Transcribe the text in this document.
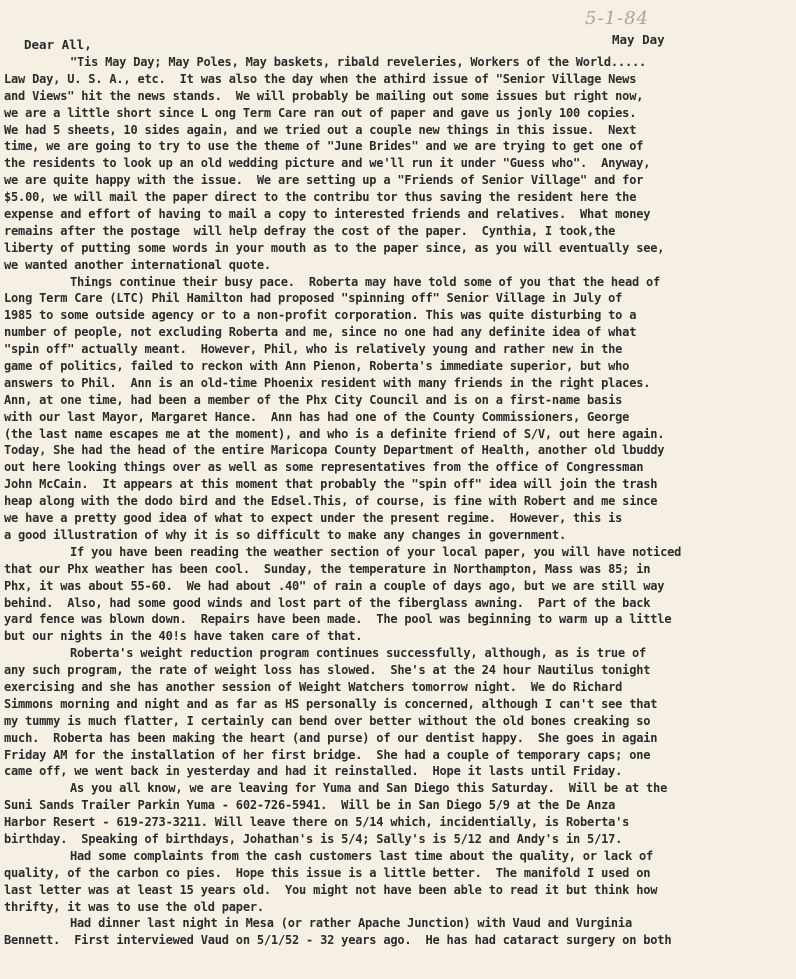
5-1-84
May Day
Dear All,
"Tis May Day; May Poles, May baskets, ribald reveleries, Workers of the World.....
Law Day, U. S. A., etc.  It was also the day when the athird issue of "Senior Village News
and Views" hit the news stands.  We will probably be mailing out some issues but right now,
we are a little short since L ong Term Care ran out of paper and gave us jonly 100 copies.
We had 5 sheets, 10 sides again, and we tried out a couple new things in this issue.  Next
time, we are going to try to use the theme of "June Brides" and we are trying to get one of
the residents to look up an old wedding picture and we'll run it under "Guess who".  Anyway,
we are quite happy with the issue.  We are setting up a "Friends of Senior Village" and for
$5.00, we will mail the paper direct to the contribu tor thus saving the resident here the
expense and effort of having to mail a copy to interested friends and relatives.  What money
remains after the postage  will help defray the cost of the paper.  Cynthia, I took,the
liberty of putting some words in your mouth as to the paper since, as you will eventually see,
we wanted another international quote.
Things continue their busy pace.  Roberta may have told some of you that the head of
Long Term Care (LTC) Phil Hamilton had proposed "spinning off" Senior Village in July of
1985 to some outside agency or to a non-profit corporation. This was quite disturbing to a
number of people, not excluding Roberta and me, since no one had any definite idea of what
"spin off" actually meant.  However, Phil, who is relatively young and rather new in the
game of politics, failed to reckon with Ann Pienon, Roberta's immediate superior, but who
answers to Phil.  Ann is an old-time Phoenix resident with many friends in the right places.
Ann, at one time, had been a member of the Phx City Council and is on a first-name basis
with our last Mayor, Margaret Hance.  Ann has had one of the County Commissioners, George
(the last name escapes me at the moment), and who is a definite friend of S/V, out here again.
Today, She had the head of the entire Maricopa County Department of Health, another old lbuddy
out here looking things over as well as some representatives from the office of Congressman
John McCain.  It appears at this moment that probably the "spin off" idea will join the trash
heap along with the dodo bird and the Edsel.This, of course, is fine with Robert and me since
we have a pretty good idea of what to expect under the present regime.  However, this is
a good illustration of why it is so difficult to make any changes in government.
If you have been reading the weather section of your local paper, you will have noticed
that our Phx weather has been cool.  Sunday, the temperature in Northampton, Mass was 85; in
Phx, it was about 55-60.  We had about .40" of rain a couple of days ago, but we are still way
behind.  Also, had some good winds and lost part of the fiberglass awning.  Part of the back
yard fence was blown down.  Repairs have been made.  The pool was beginning to warm up a little
but our nights in the 40!s have taken care of that.
Roberta's weight reduction program continues successfully, although, as is true of
any such program, the rate of weight loss has slowed.  She's at the 24 hour Nautilus tonight
exercising and she has another session of Weight Watchers tomorrow night.  We do Richard
Simmons morning and night and as far as HS personally is concerned, although I can't see that
my tummy is much flatter, I certainly can bend over better without the old bones creaking so
much.  Roberta has been making the heart (and purse) of our dentist happy.  She goes in again
Friday AM for the installation of her first bridge.  She had a couple of temporary caps; one
came off, we went back in yesterday and had it reinstalled.  Hope it lasts until Friday.
As you all know, we are leaving for Yuma and San Diego this Saturday.  Will be at the
Suni Sands Trailer Parkin Yuma - 602-726-5941.  Will be in San Diego 5/9 at the De Anza
Harbor Resert - 619-273-3211. Will leave there on 5/14 which, incidentially, is Roberta's
birthday.  Speaking of birthdays, Johathan's is 5/4; Sally's is 5/12 and Andy's in 5/17.
Had some complaints from the cash customers last time about the quality, or lack of
quality, of the carbon co pies.  Hope this issue is a little better.  The manifold I used on
last letter was at least 15 years old.  You might not have been able to read it but think how
thrifty, it was to use the old paper.
Had dinner last night in Mesa (or rather Apache Junction) with Vaud and Vurginia
Bennett.  First interviewed Vaud on 5/1/52 - 32 years ago.  He has had cataract surgery on both
